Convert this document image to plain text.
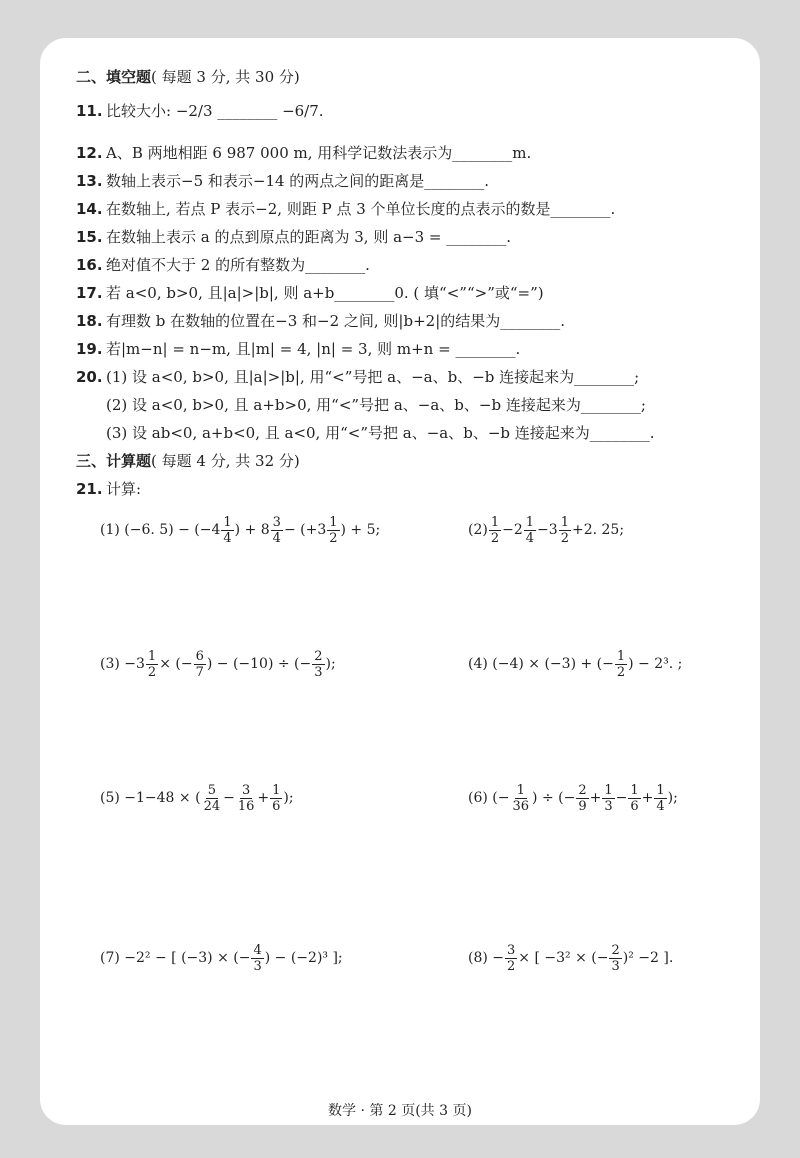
二、填空题( 每题 3 分, 共 30 分)
11. 比较大小: −2/3 ________ −6/7.
12. A、B 两地相距 6 987 000 m, 用科学记数法表示为________m.
13. 数轴上表示−5 和表示−14 的两点之间的距离是________.
14. 在数轴上, 若点 P 表示−2, 则距 P 点 3 个单位长度的点表示的数是________.
15. 在数轴上表示 a 的点到原点的距离为 3, 则 a−3 = ________.
16. 绝对值不大于 2 的所有整数为________.
17. 若 a<0, b>0, 且|a|>|b|, 则 a+b________0. ( 填“<”“>”或“=”)
18. 有理数 b 在数轴的位置在−3 和−2 之间, 则|b+2|的结果为________.
19. 若|m−n| = n−m, 且|m| = 4, |n| = 3, 则 m+n = ________.
20. (1) 设 a<0, b>0, 且|a|>|b|, 用“<”号把 a、−a、b、−b 连接起来为________;
(2) 设 a<0, b>0, 且 a+b>0, 用“<”号把 a、−a、b、−b 连接起来为________;
(3) 设 ab<0, a+b<0, 且 a<0, 用“<”号把 a、−a、b、−b 连接起来为________.
三、计算题( 每题 4 分, 共 32 分)
21. 计算:
(1) (−6. $5) - (-4 \frac{1}{4}$ ) + $8 \frac{3}{4} - (+3 \frac{1}{2}$ ) + 5;	$(2) \frac{1}{2} -2 \frac{1}{4} -3 \frac{1}{2} +2$. 25;
$(3) -3 \frac{1}{2}$ × (− $\frac{6}{7}$ ) − (−10) ÷ (− $\frac{2}{3}$ );	(4) (−4) × (−3) + (− $\frac{1}{2}$ ) − 2³. ;
(5) −1−48 × ( $\frac{5}{24} - \frac{3}{16} + \frac{1}{6}$ );	(6) (− $\frac{1}{36}$ ) ÷ (− $\frac{2}{9} + \frac{1}{3} - \frac{1}{6} + \frac{1}{4}$ );
(7) −2² − [ (−3) × (− $\frac{4}{3}$ ) − (−2)³ ];	$(8) - \frac{3}{2}$ × [ −3² × (− $\frac{2}{3} )^2 -2$ ].
数学 · 第 2 页(共 3 页)
